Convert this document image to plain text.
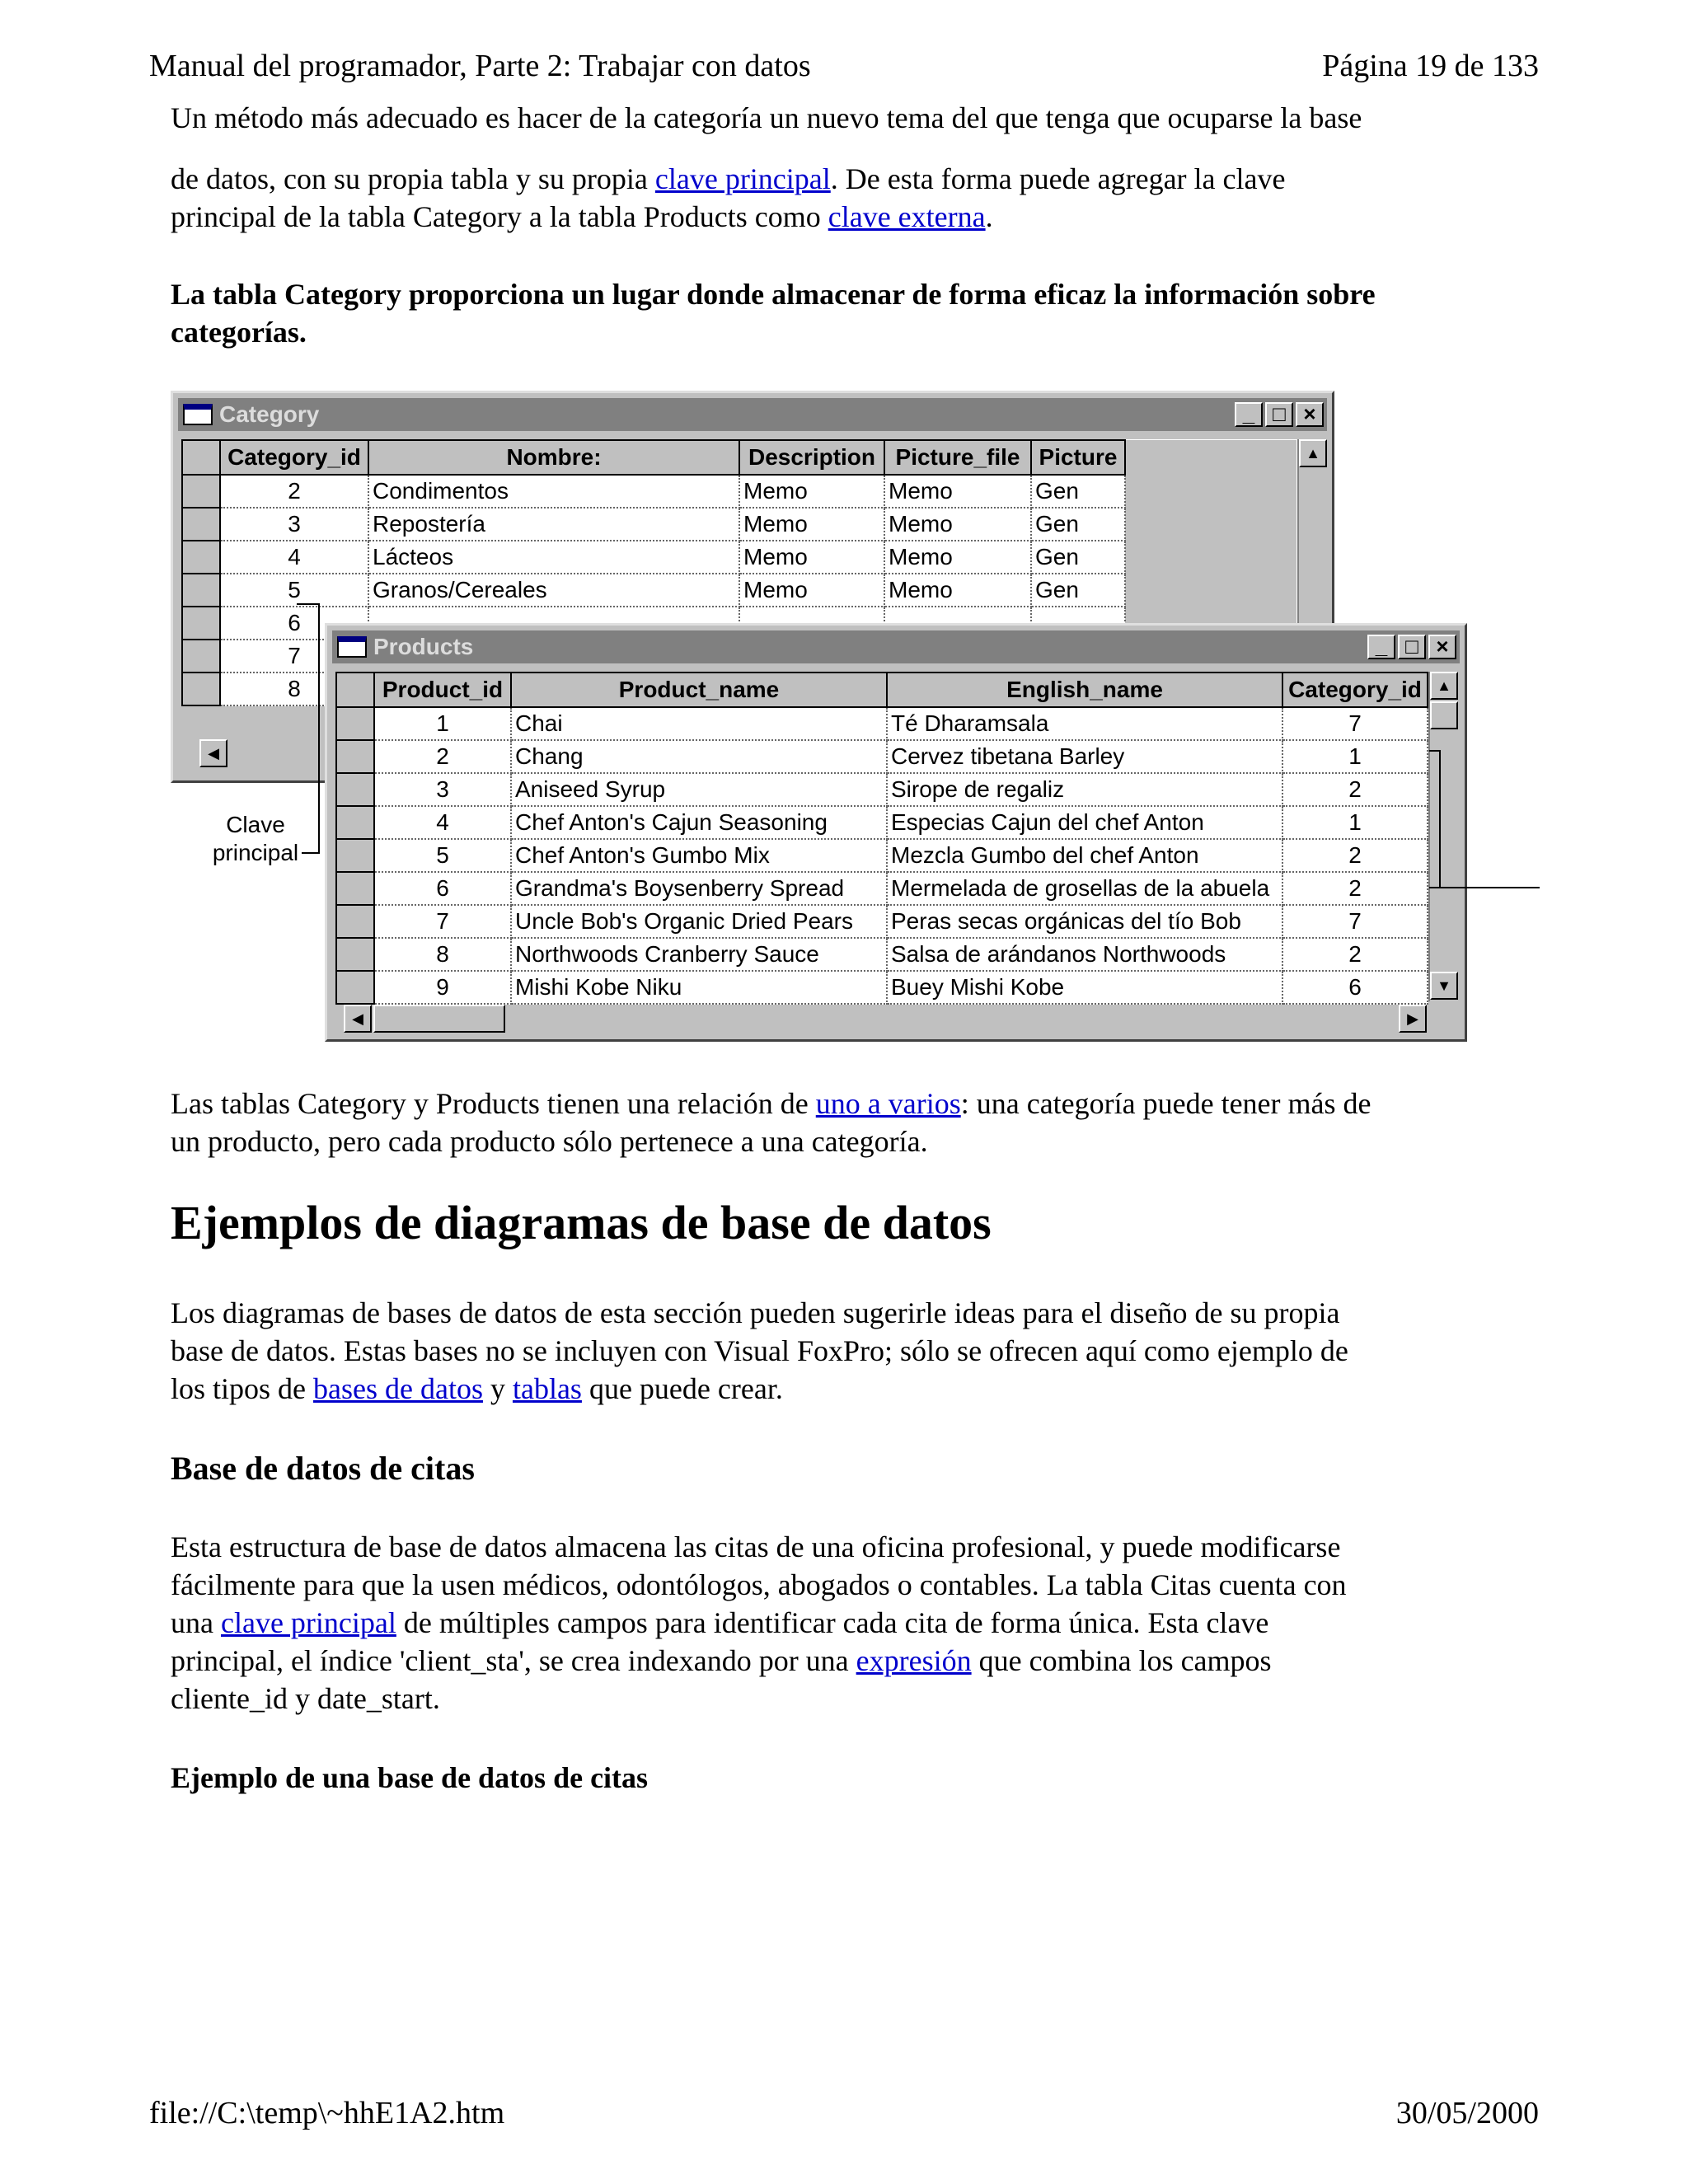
Manual del programador, Parte 2: Trabajar con datos	Página 19 de 133
Un método más adecuado es hacer de la categoría un nuevo tema del que tenga que ocuparse la base
de datos, con su propia tabla y su propia clave principal. De esta forma puede agregar la clave
principal de la tabla Category a la tabla Products como clave externa.
La tabla Category proporciona un lugar donde almacenar de forma eficaz la información sobre
categorías.
Category	_ □ ×
	Category_id	Nombre:	Description	Picture_file	Picture	
	2	Condimentos	Memo	Memo	Gen	
	3	Repostería	Memo	Memo	Gen	
	4	Lácteos	Memo	Memo	Gen	
	5	Granos/Cereales	Memo	Memo	Gen	
	6					
	7					
	8					
▲
◀
Clave
principal
Products	_ □ ×
	Product_id	Product_name	English_name	Category_id
	1	Chai	Té Dharamsala	7
	2	Chang	Cervez tibetana Barley	1
	3	Aniseed Syrup	Sirope de regaliz	2
	4	Chef Anton's Cajun Seasoning	Especias Cajun del chef Anton	1
	5	Chef Anton's Gumbo Mix	Mezcla Gumbo del chef Anton	2
	6	Grandma's Boysenberry Spread	Mermelada de grosellas de la abuela	2
	7	Uncle Bob's Organic Dried Pears	Peras secas orgánicas del tío Bob	7
	8	Northwoods Cranberry Sauce	Salsa de arándanos Northwoods	2
	9	Mishi Kobe Niku	Buey Mishi Kobe	6
▲
▼
◀	▶
Las tablas Category y Products tienen una relación de uno a varios: una categoría puede tener más de
un producto, pero cada producto sólo pertenece a una categoría.
Ejemplos de diagramas de base de datos
Los diagramas de bases de datos de esta sección pueden sugerirle ideas para el diseño de su propia
base de datos. Estas bases no se incluyen con Visual FoxPro; sólo se ofrecen aquí como ejemplo de
los tipos de bases de datos y tablas que puede crear.
Base de datos de citas
Esta estructura de base de datos almacena las citas de una oficina profesional, y puede modificarse
fácilmente para que la usen médicos, odontólogos, abogados o contables. La tabla Citas cuenta con
una clave principal de múltiples campos para identificar cada cita de forma única. Esta clave
principal, el índice 'client_sta', se crea indexando por una expresión que combina los campos
cliente_id y date_start.
Ejemplo de una base de datos de citas
file://C:\temp\~hhE1A2.htm	30/05/2000
